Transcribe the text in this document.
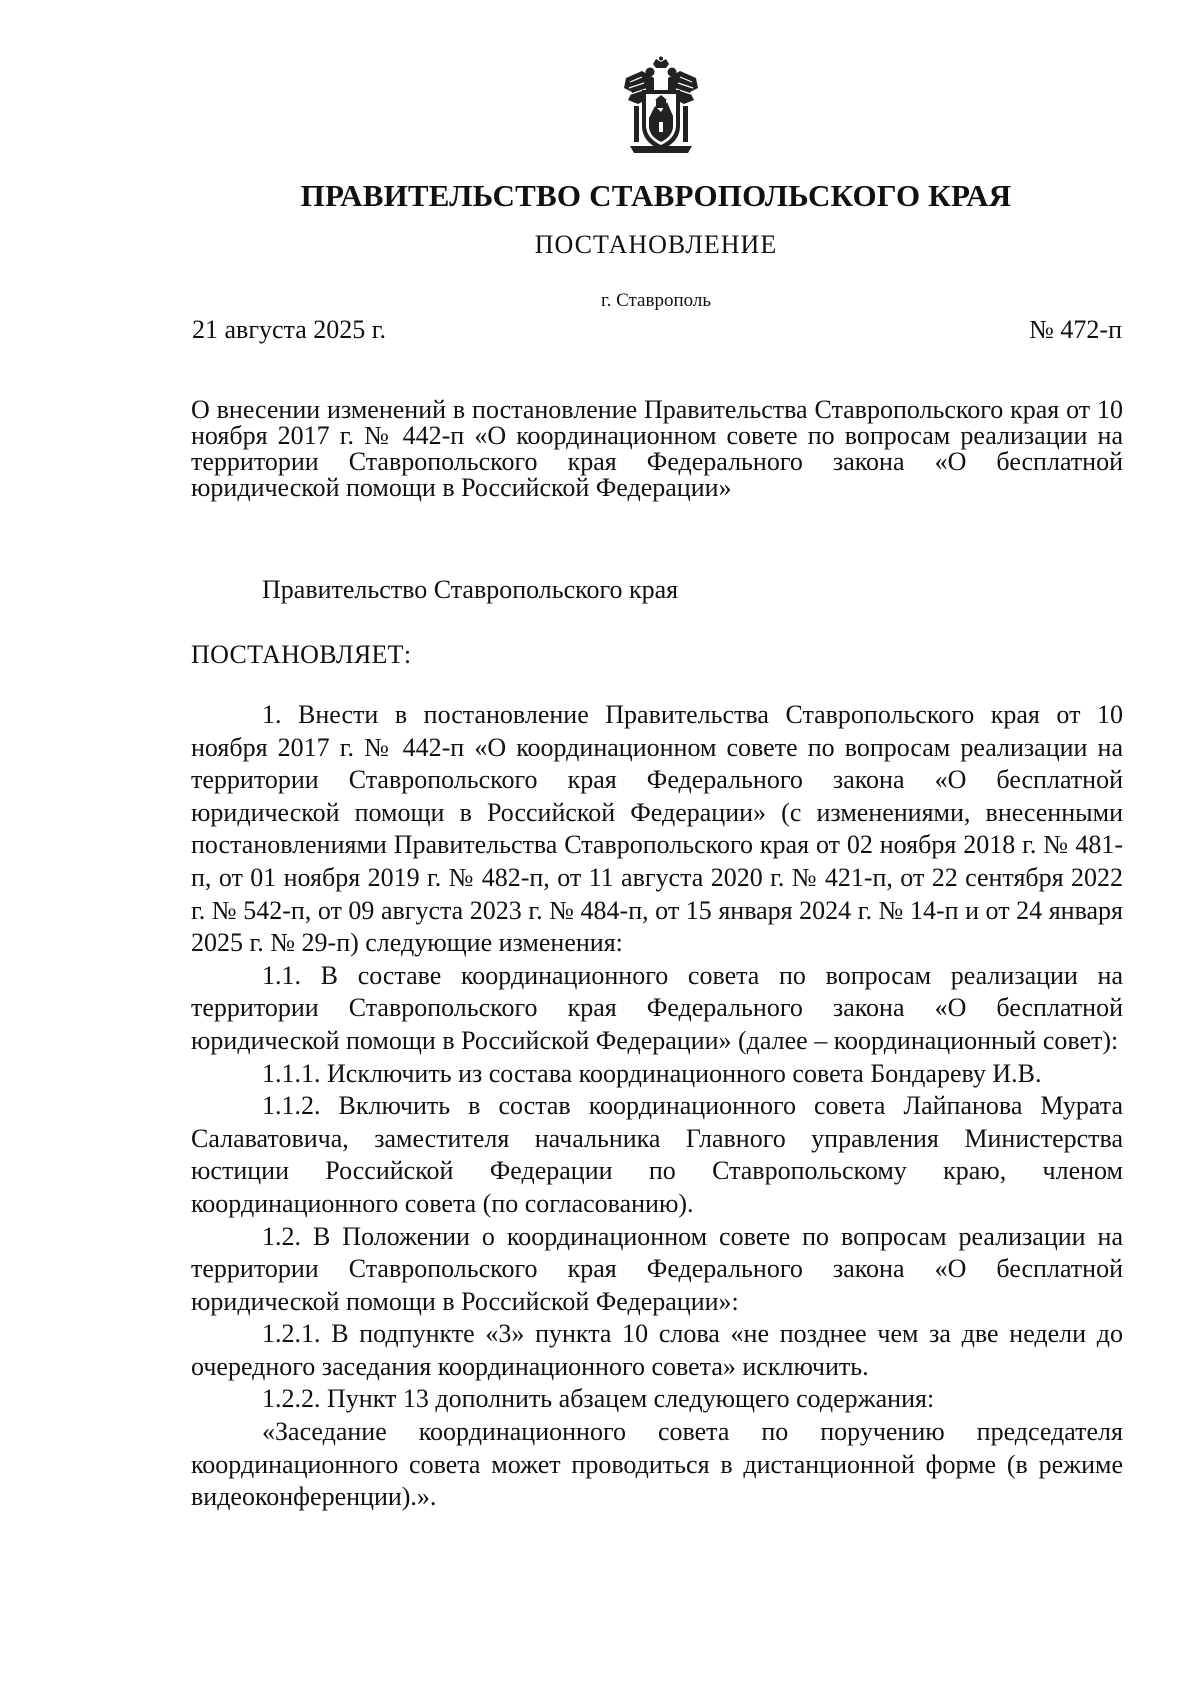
ПРАВИТЕЛЬСТВО СТАВРОПОЛЬСКОГО КРАЯ
ПОСТАНОВЛЕНИЕ
г. Ставрополь
21 августа 2025 г.	№ 472-п
О внесении изменений в постановление Правительства Ставропольского края от 10 ноября 2017 г. № 442-п «О координационном совете по вопросам реализации на территории Ставропольского края Федерального закона «О бесплатной юридической помощи в Российской Федерации»
Правительство Ставропольского края
ПОСТАНОВЛЯЕТ:

1. Внести в постановление Правительства Ставропольского края от 10 ноября 2017 г. № 442-п «О координационном совете по вопросам реализации на территории Ставропольского края Федерального закона «О бесплатной юридической помощи в Российской Федерации» (с изменениями, внесенными постановлениями Правительства Ставропольского края от 02 ноября 2018 г. № 481-п, от 01 ноября 2019 г. № 482-п, от 11 августа 2020 г. № 421-п, от 22 сентября 2022 г. № 542-п, от 09 августа 2023 г. № 484-п, от 15 января 2024 г. № 14-п и от 24 января 2025 г. № 29-п) следующие изменения:

1.1. В составе координационного совета по вопросам реализации на территории Ставропольского края Федерального закона «О бесплатной юридической помощи в Российской Федерации» (далее – координационный совет):

1.1.1. Исключить из состава координационного совета Бондареву И.В.

1.1.2. Включить в состав координационного совета Лайпанова Мурата Салаватовича, заместителя начальника Главного управления Министерства юстиции Российской Федерации по Ставропольскому краю, членом координационного совета (по согласованию).

1.2. В Положении о координационном совете по вопросам реализации на территории Ставропольского края Федерального закона «О бесплатной юридической помощи в Российской Федерации»:

1.2.1. В подпункте «3» пункта 10 слова «не позднее чем за две недели до очередного заседания координационного совета» исключить.

1.2.2. Пункт 13 дополнить абзацем следующего содержания:

«Заседание координационного совета по поручению председателя координационного совета может проводиться в дистанционной форме (в режиме видеоконференции).».
